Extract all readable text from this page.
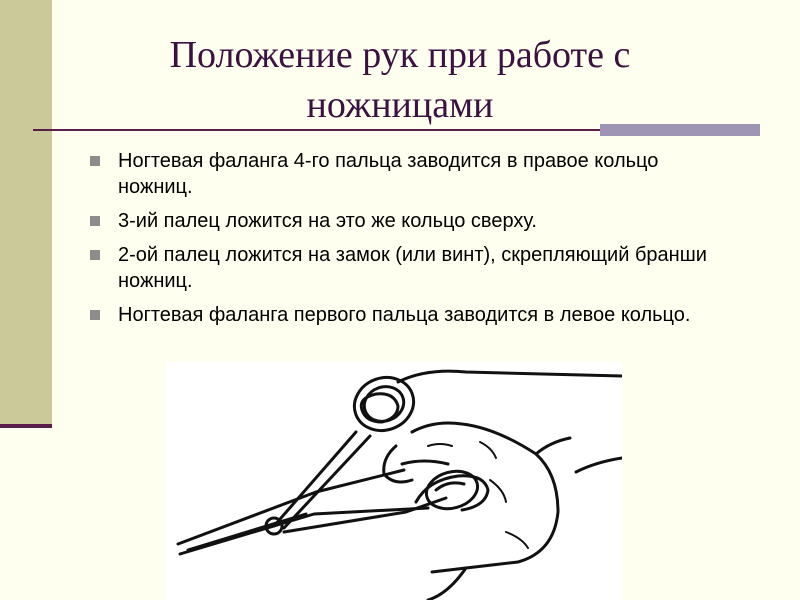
Положение рук при работе с ножницами
Ногтевая фаланга 4-го пальца заводится в правое кольцо ножниц.
3-ий палец ложится на это же кольцо сверху.
2-ой палец ложится на замок (или винт), скрепляющий бранши ножниц.
Ногтевая фаланга первого пальца заводится в левое кольцо.
